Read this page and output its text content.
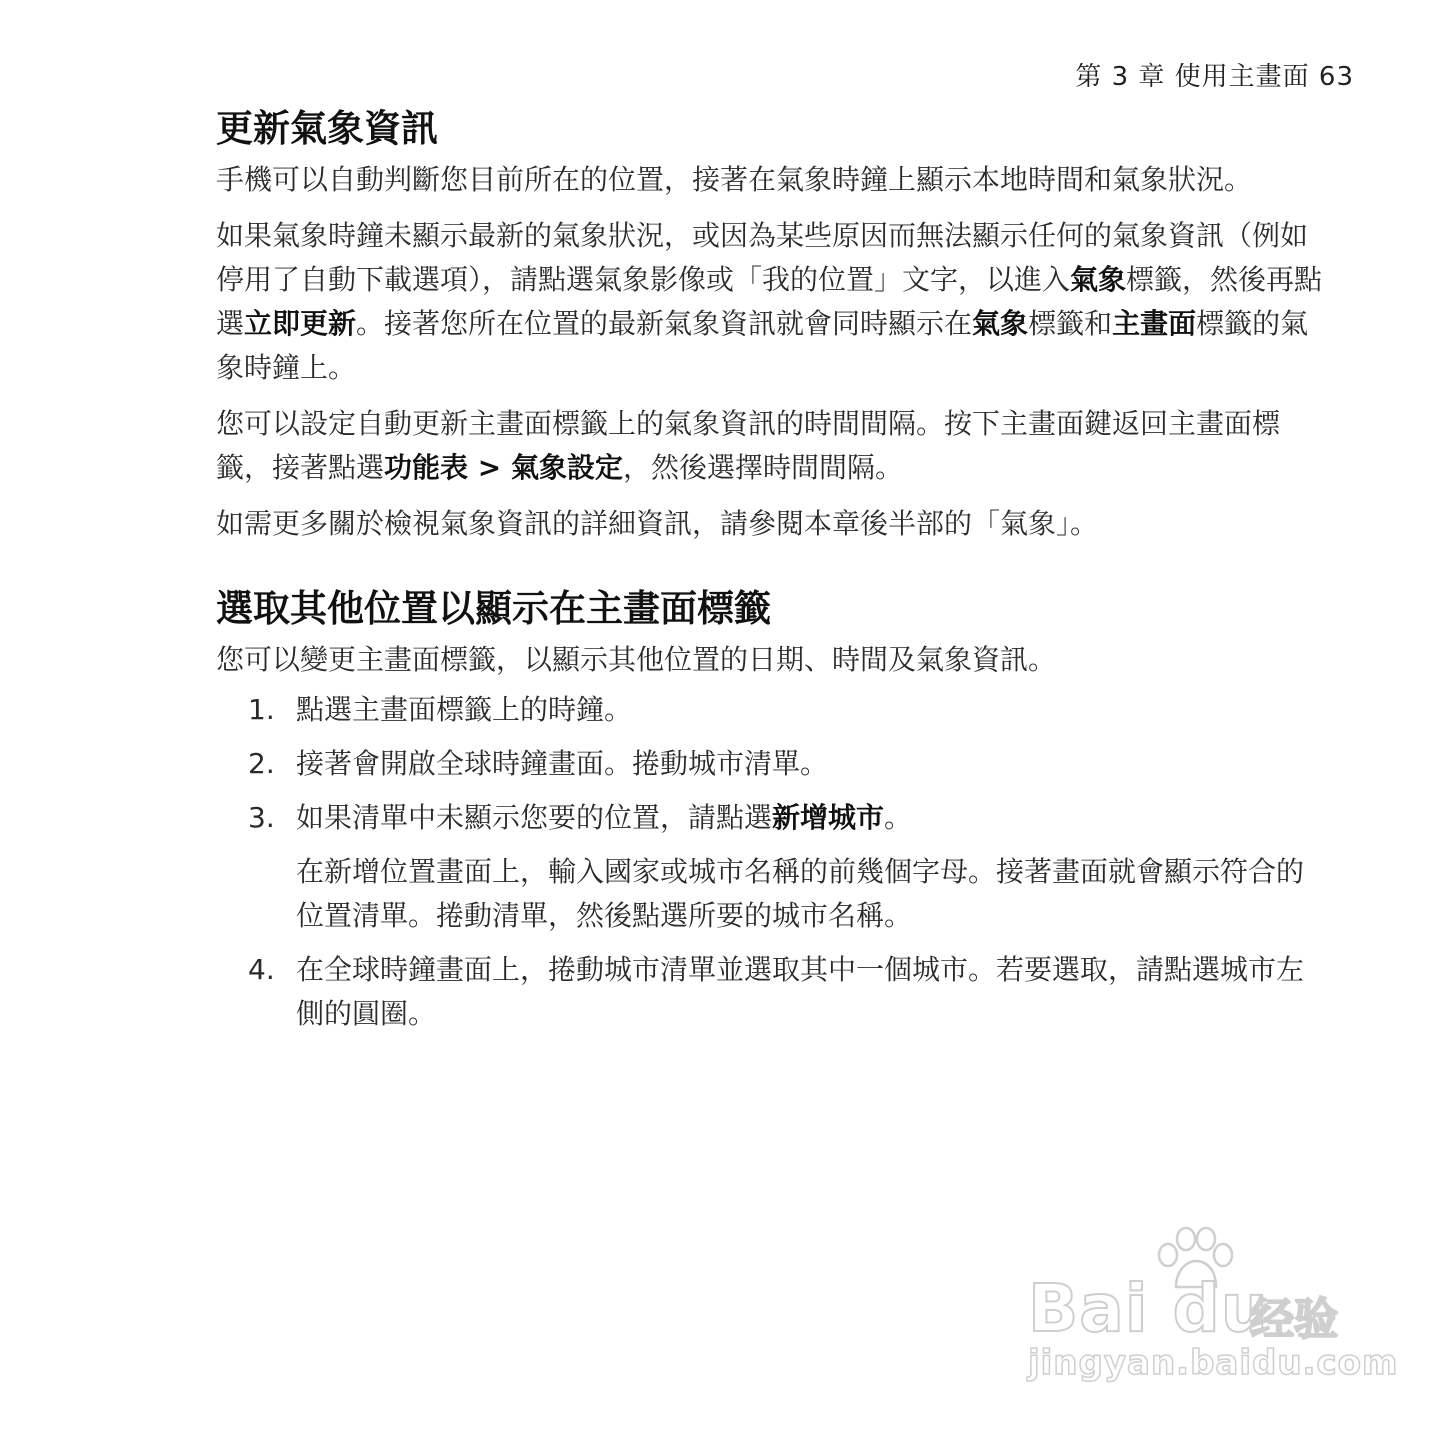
第 3 章 使用主畫面 63
更新氣象資訊

手機可以自動判斷您目前所在的位置，接著在氣象時鐘上顯示本地時間和氣象狀況。

如果氣象時鐘未顯示最新的氣象狀況，或因為某些原因而無法顯示任何的氣象資訊（例如停用了自動下載選項），請點選氣象影像或「我的位置」文字，以進入氣象標籤，然後再點選立即更新。接著您所在位置的最新氣象資訊就會同時顯示在氣象標籤和主畫面標籤的氣象時鐘上。

您可以設定自動更新主畫面標籤上的氣象資訊的時間間隔。按下主畫面鍵返回主畫面標籤，接著點選功能表 > 氣象設定，然後選擇時間間隔。

如需更多關於檢視氣象資訊的詳細資訊，請參閱本章後半部的「氣象」。

選取其他位置以顯示在主畫面標籤

您可以變更主畫面標籤，以顯示其他位置的日期、時間及氣象資訊。

1. 點選主畫面標籤上的時鐘。
2. 接著會開啟全球時鐘畫面。捲動城市清單。
3. 如果清單中未顯示您要的位置，請點選新增城市。
在新增位置畫面上，輸入國家或城市名稱的前幾個字母。接著畫面就會顯示符合的位置清單。捲動清單，然後點選所要的城市名稱。
4. 在全球時鐘畫面上，捲動城市清單並選取其中一個城市。若要選取，請點選城市左側的圓圈。
Bai du
经验
jingyan.baidu.com
